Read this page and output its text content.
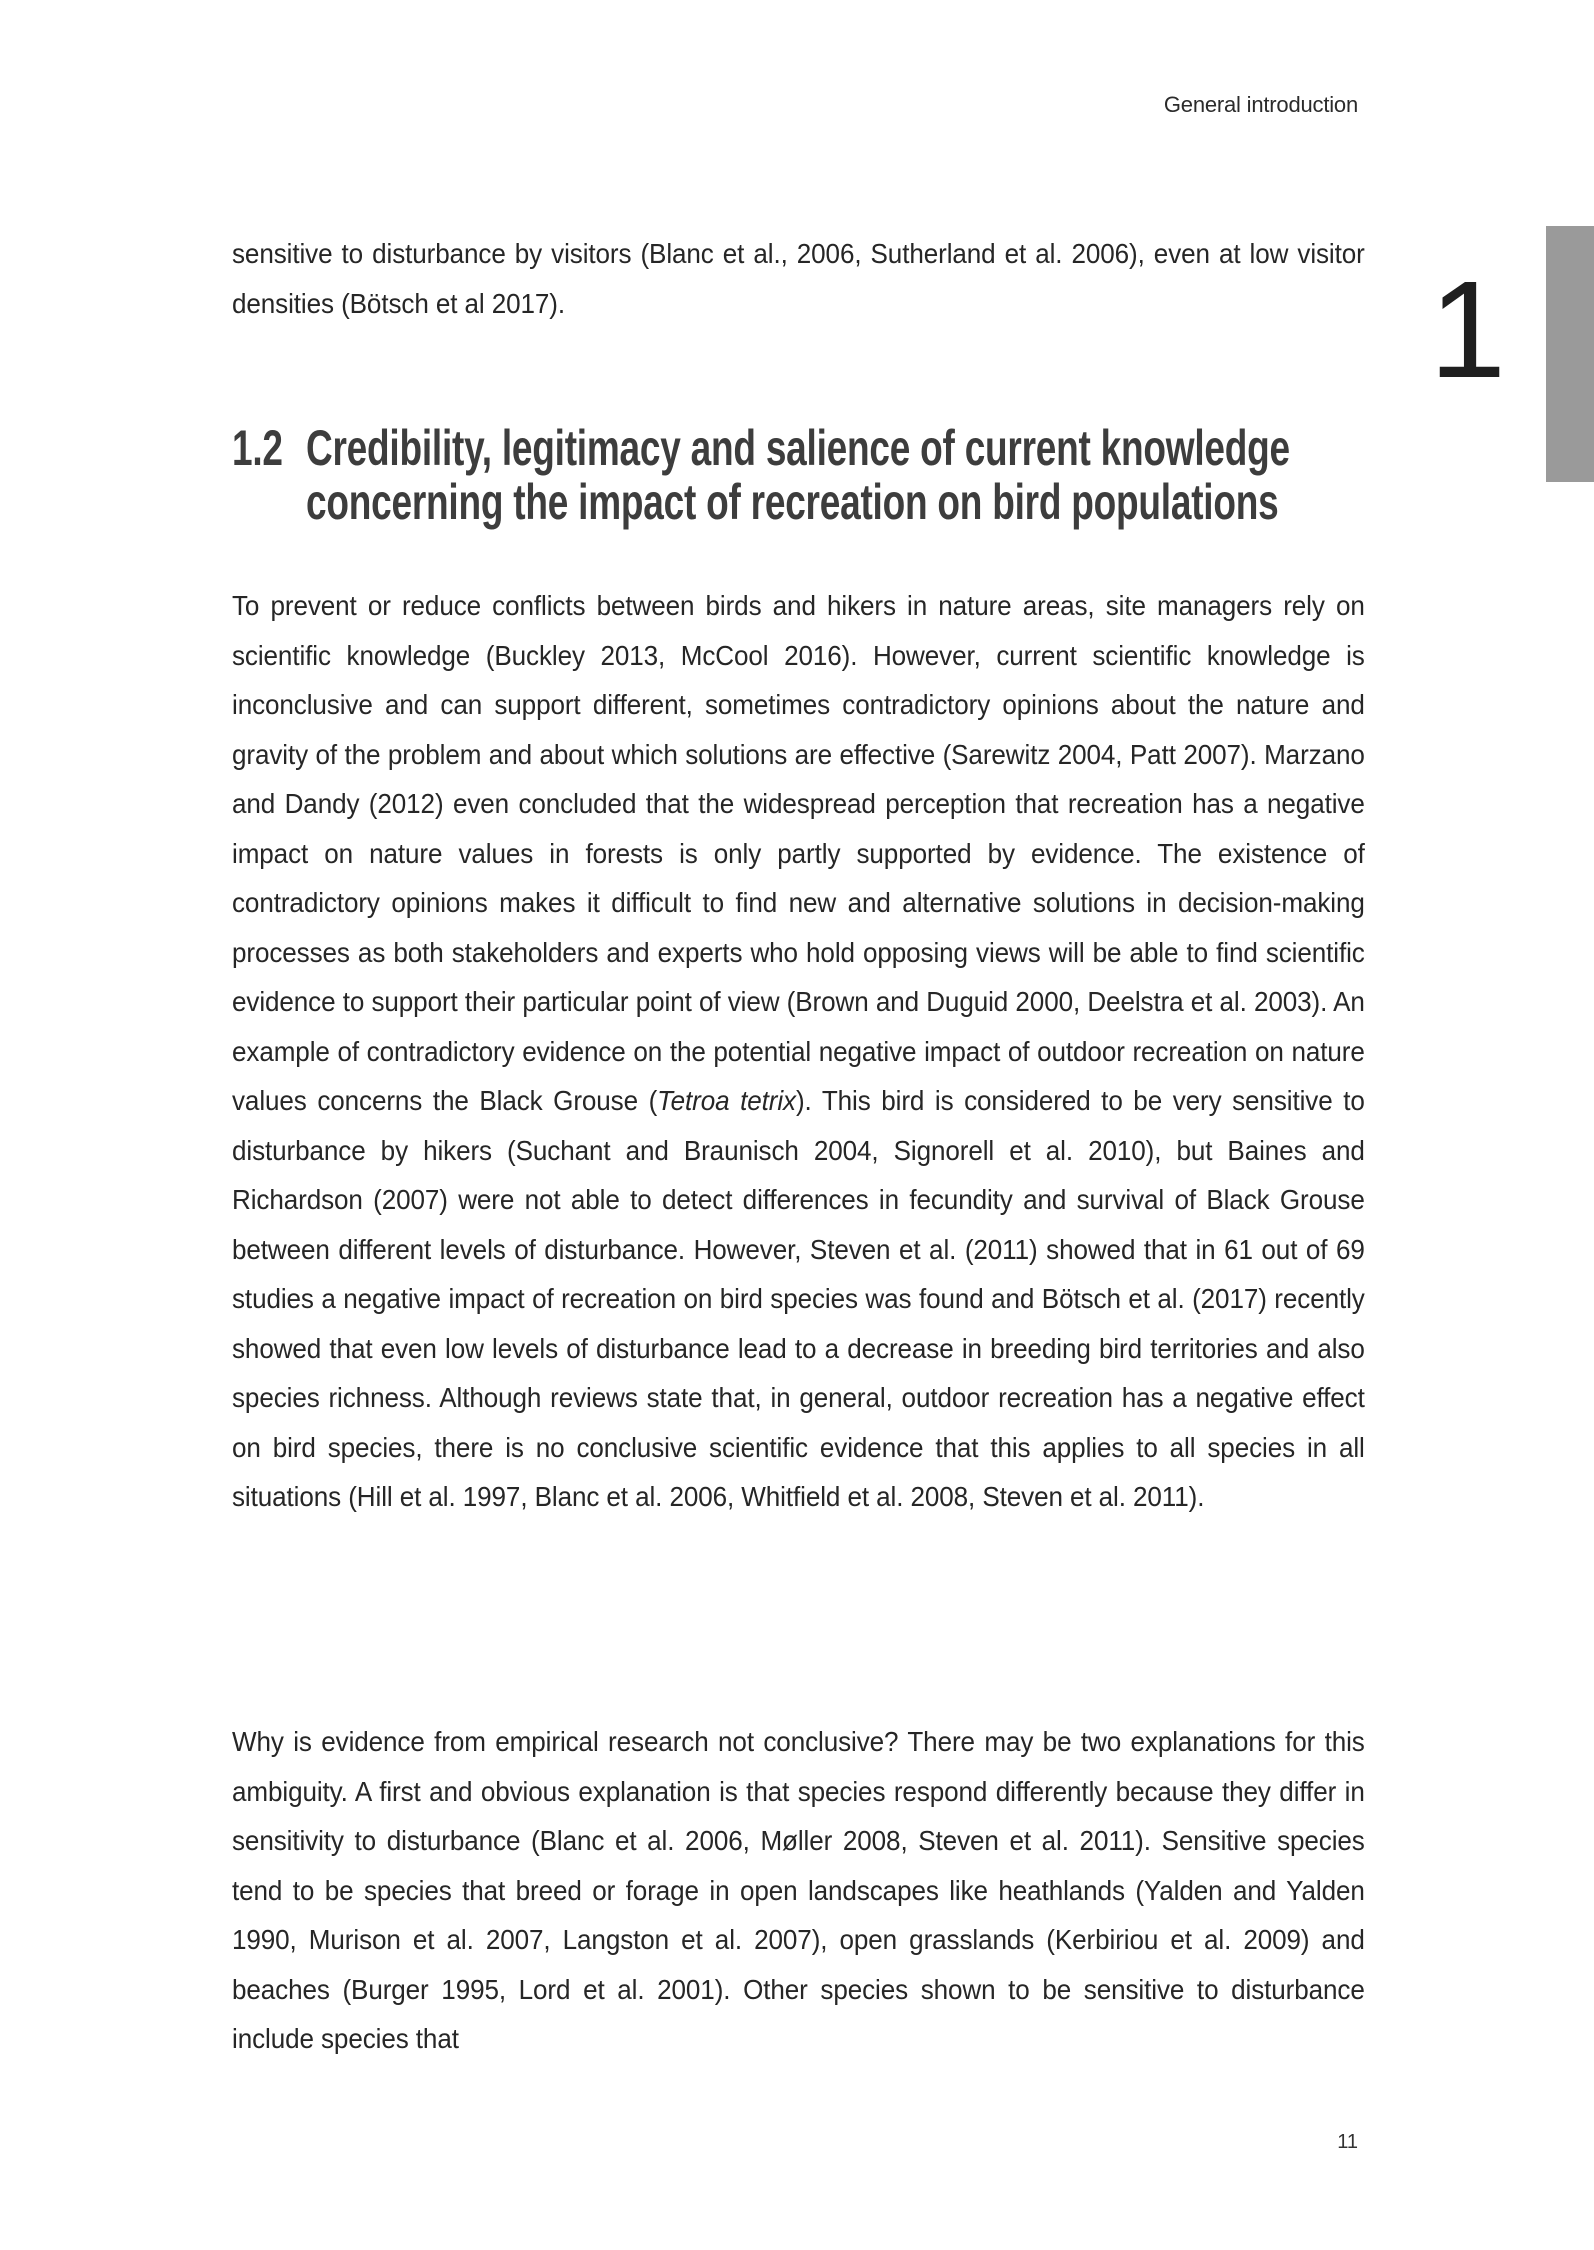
General introduction
1

sensitive to disturbance by visitors (Blanc et al., 2006, Sutherland et al. 2006), even at low visitor densities (Bötsch et al 2017).

1.2 Credibility, legitimacy and salience of current knowledge concerning the impact of recreation on bird populations

To prevent or reduce conflicts between birds and hikers in nature areas, site managers rely on scientific knowledge (Buckley 2013, McCool 2016). However, current scientific knowledge is inconclusive and can support different, sometimes contradictory opinions about the nature and gravity of the problem and about which solutions are effective (Sarewitz 2004, Patt 2007). Marzano and Dandy (2012) even concluded that the widespread perception that recreation has a negative impact on nature values in forests is only partly supported by evidence. The existence of contradictory opinions makes it difficult to find new and alternative solutions in decision-making processes as both stakeholders and experts who hold opposing views will be able to find scientific evidence to support their particular point of view (Brown and Duguid 2000, Deelstra et al. 2003). An example of contradictory evidence on the potential negative impact of outdoor recreation on nature values concerns the Black Grouse (Tetroa tetrix). This bird is considered to be very sensitive to disturbance by hikers (Suchant and Braunisch 2004, Signorell et al. 2010), but Baines and Richardson (2007) were not able to detect differences in fecundity and survival of Black Grouse between different levels of disturbance. However, Steven et al. (2011) showed that in 61 out of 69 studies a negative impact of recreation on bird species was found and Bötsch et al. (2017) recently showed that even low levels of disturbance lead to a decrease in breeding bird territories and also species richness. Although reviews state that, in general, outdoor recreation has a negative effect on bird species, there is no conclusive scientific evidence that this applies to all species in all situations (Hill et al. 1997, Blanc et al. 2006, Whitfield et al. 2008, Steven et al. 2011).

Why is evidence from empirical research not conclusive? There may be two explanations for this ambiguity. A first and obvious explanation is that species respond differently because they differ in sensitivity to disturbance (Blanc et al. 2006, Møller 2008, Steven et al. 2011). Sensitive species tend to be species that breed or forage in open landscapes like heathlands (Yalden and Yalden 1990, Murison et al. 2007, Langston et al. 2007), open grasslands (Kerbiriou et al. 2009) and beaches (Burger 1995, Lord et al. 2001). Other species shown to be sensitive to disturbance include species that

11
